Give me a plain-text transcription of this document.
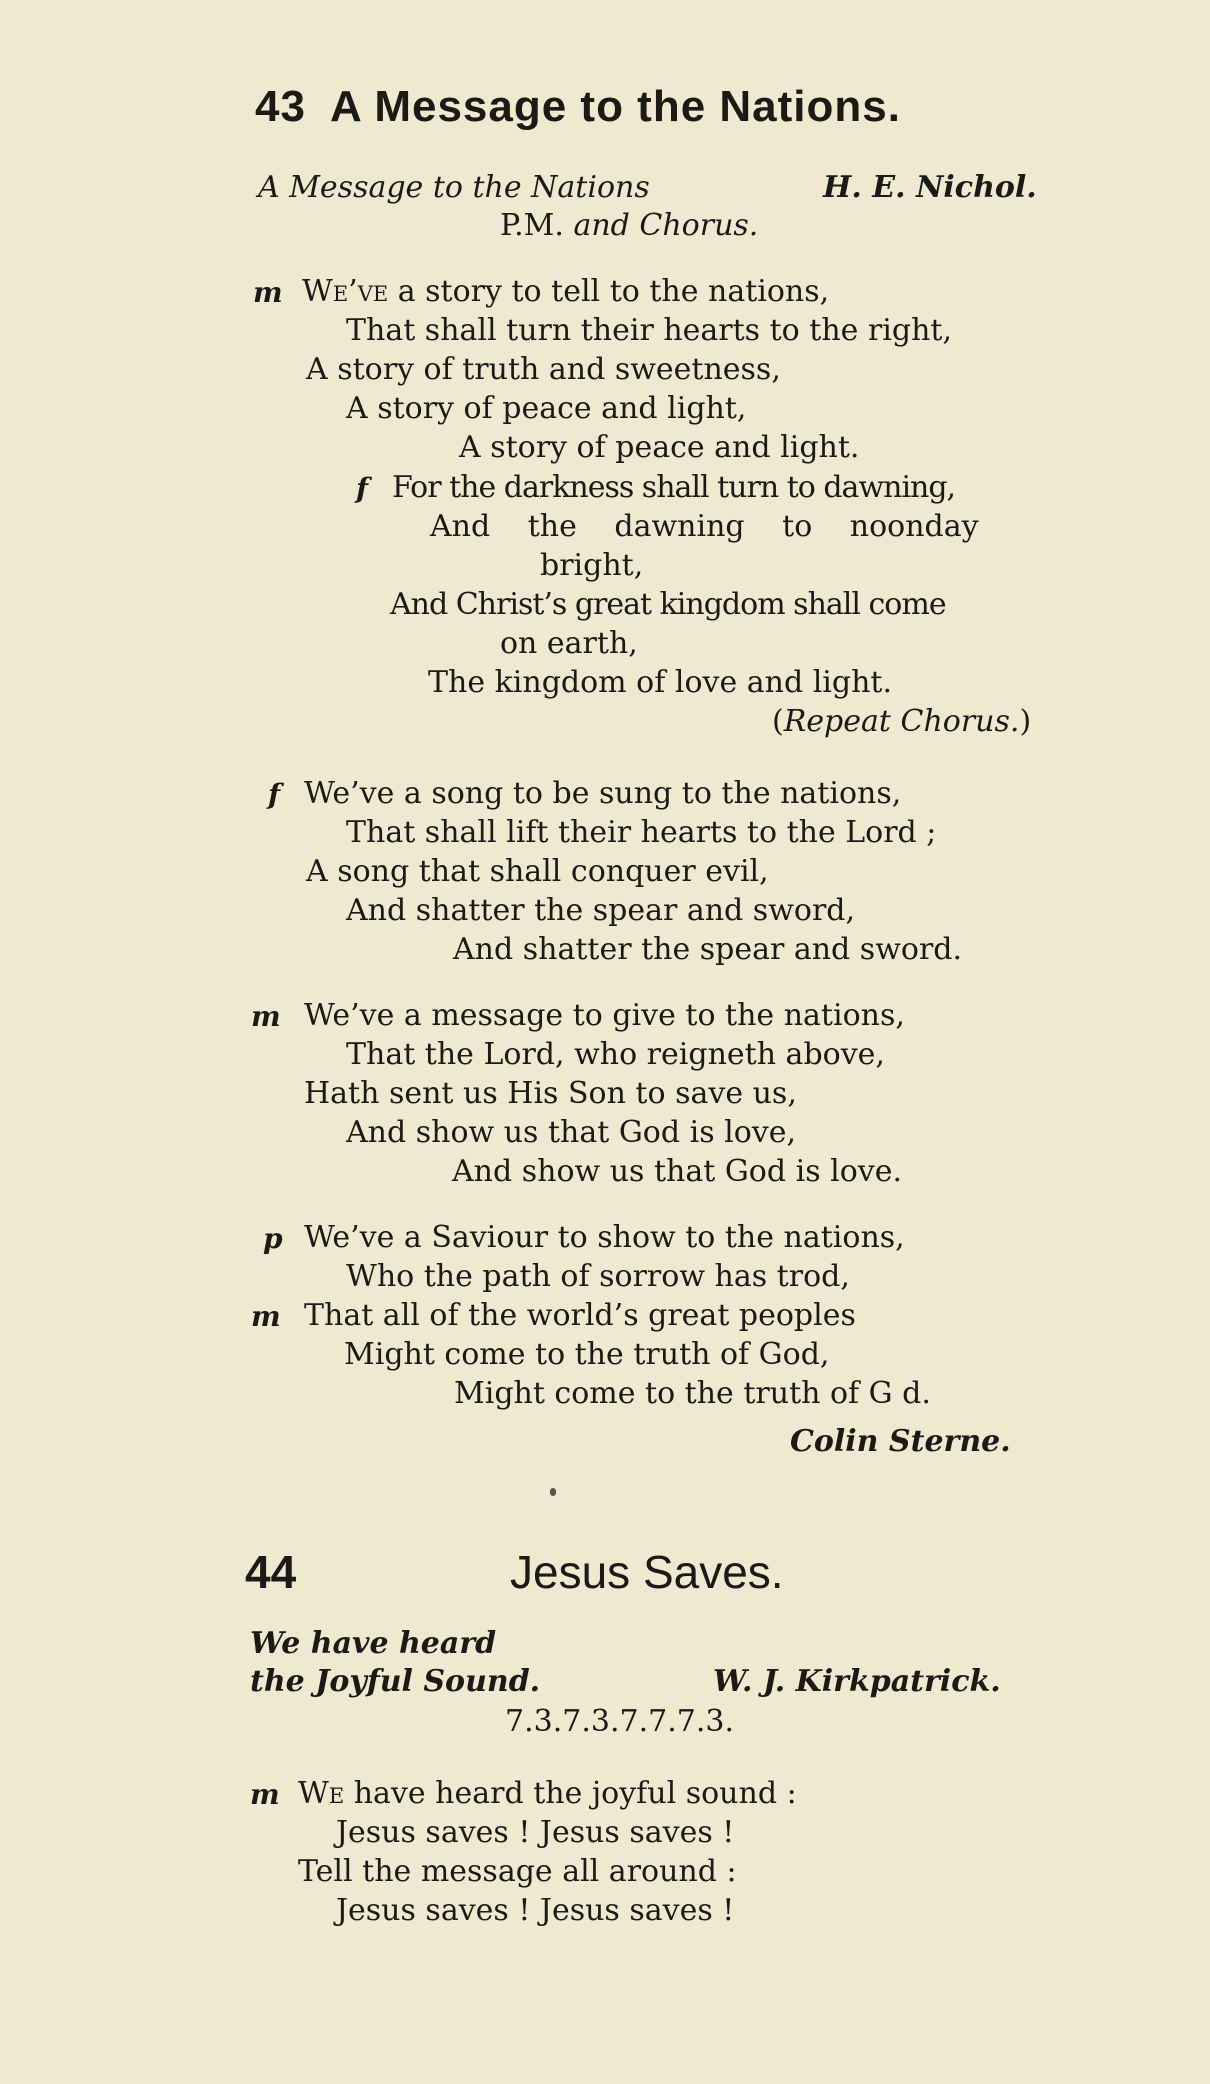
43 A Message to the Nations.
A Message to the Nations	H. E. Nichol.
P.M. and Chorus.
m We’ve a story to tell to the nations,
That shall turn their hearts to the right,
A story of truth and sweetness,
A story of peace and light,
A story of peace and light.
f For the darkness shall turn to dawning,
And the dawning to noonday
bright,
And Christ’s great kingdom shall come
on earth,
The kingdom of love and light.
(Repeat Chorus.)
f We’ve a song to be sung to the nations,
That shall lift their hearts to the Lord ;
A song that shall conquer evil,
And shatter the spear and sword,
And shatter the spear and sword.
m We’ve a message to give to the nations,
That the Lord, who reigneth above,
Hath sent us His Son to save us,
And show us that God is love,
And show us that God is love.
p We’ve a Saviour to show to the nations,
Who the path of sorrow has trod,
m That all of the world’s great peoples
Might come to the truth of God,
Might come to the truth of G d.
Colin Sterne.
44	Jesus Saves.
We have heard
the Joyful Sound.	W. J. Kirkpatrick.
7.3.7.3.7.7.7.3.
m We have heard the joyful sound :
Jesus saves ! Jesus saves !
Tell the message all around :
Jesus saves ! Jesus saves !
